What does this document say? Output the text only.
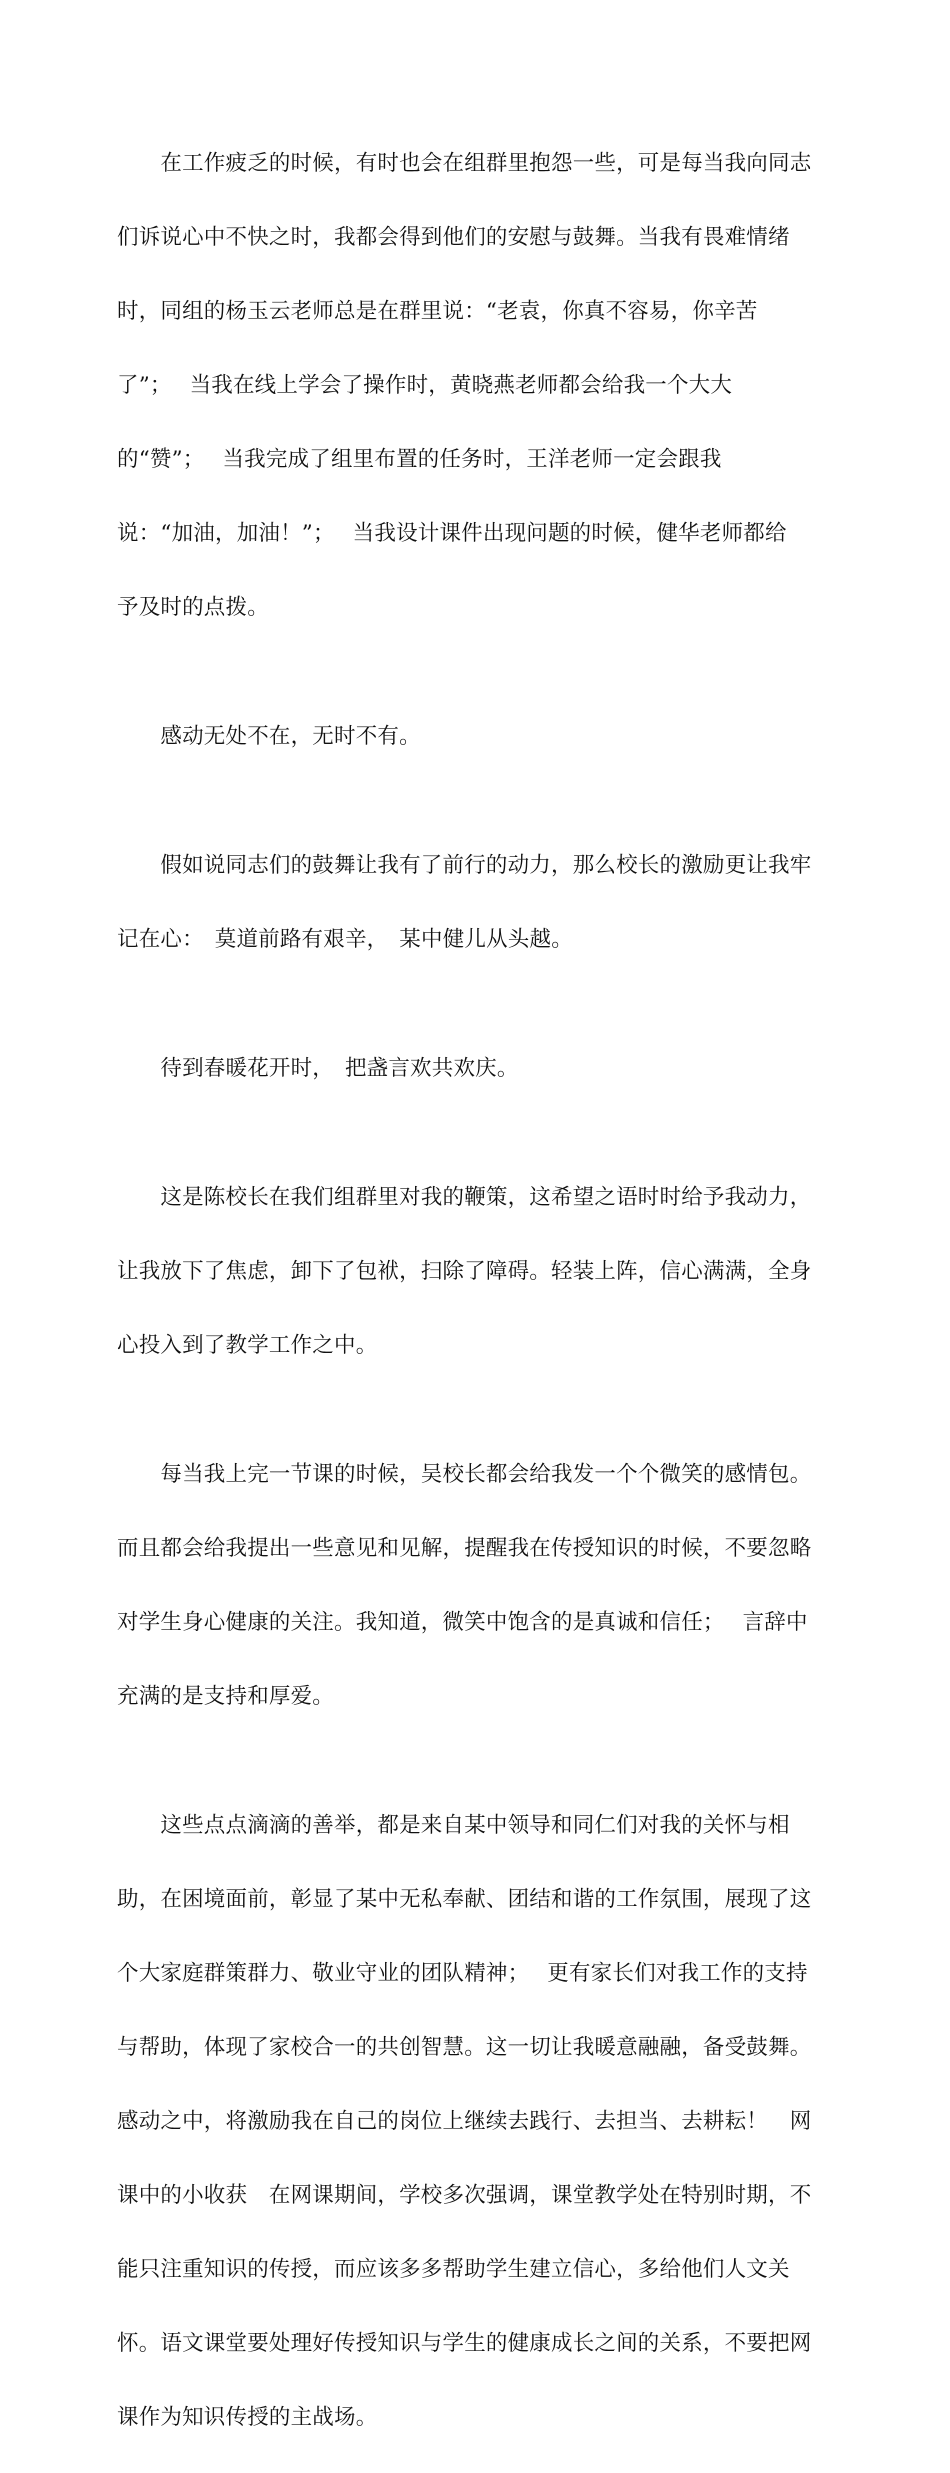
　　在工作疲乏的时候，有时也会在组群里抱怨一些，可是每当我向同志

们诉说心中不快之时，我都会得到他们的安慰与鼓舞。当我有畏难情绪

时，同组的杨玉云老师总是在群里说：“老袁，你真不容易，你辛苦

了”；　 当我在线上学会了操作时，黄晓燕老师都会给我一个大大

的“赞”；　 当我完成了组里布置的任务时，王洋老师一定会跟我

说：“加油，加油！”；　 当我设计课件出现问题的时候，健华老师都给

予及时的点拨。

　　感动无处不在，无时不有。

　　假如说同志们的鼓舞让我有了前行的动力，那么校长的激励更让我牢

记在心：　莫道前路有艰辛，　某中健儿从头越。

　　待到春暖花开时，　把盏言欢共欢庆。

　　这是陈校长在我们组群里对我的鞭策，这希望之语时时给予我动力，

让我放下了焦虑，卸下了包袱，扫除了障碍。轻装上阵，信心满满，全身

心投入到了教学工作之中。

　　每当我上完一节课的时候，吴校长都会给我发一个个微笑的感情包。

而且都会给我提出一些意见和见解，提醒我在传授知识的时候，不要忽略

对学生身心健康的关注。我知道，微笑中饱含的是真诚和信任；　 言辞中

充满的是支持和厚爱。

　　这些点点滴滴的善举，都是来自某中领导和同仁们对我的关怀与相

助，在困境面前，彰显了某中无私奉献、团结和谐的工作氛围，展现了这

个大家庭群策群力、敬业守业的团队精神；　 更有家长们对我工作的支持

与帮助，体现了家校合一的共创智慧。这一切让我暖意融融，备受鼓舞。

感动之中，将激励我在自己的岗位上继续去践行、去担当、去耕耘！　网

课中的小收获　在网课期间，学校多次强调，课堂教学处在特别时期，不

能只注重知识的传授，而应该多多帮助学生建立信心，多给他们人文关

怀。语文课堂要处理好传授知识与学生的健康成长之间的关系，不要把网

课作为知识传授的主战场。
